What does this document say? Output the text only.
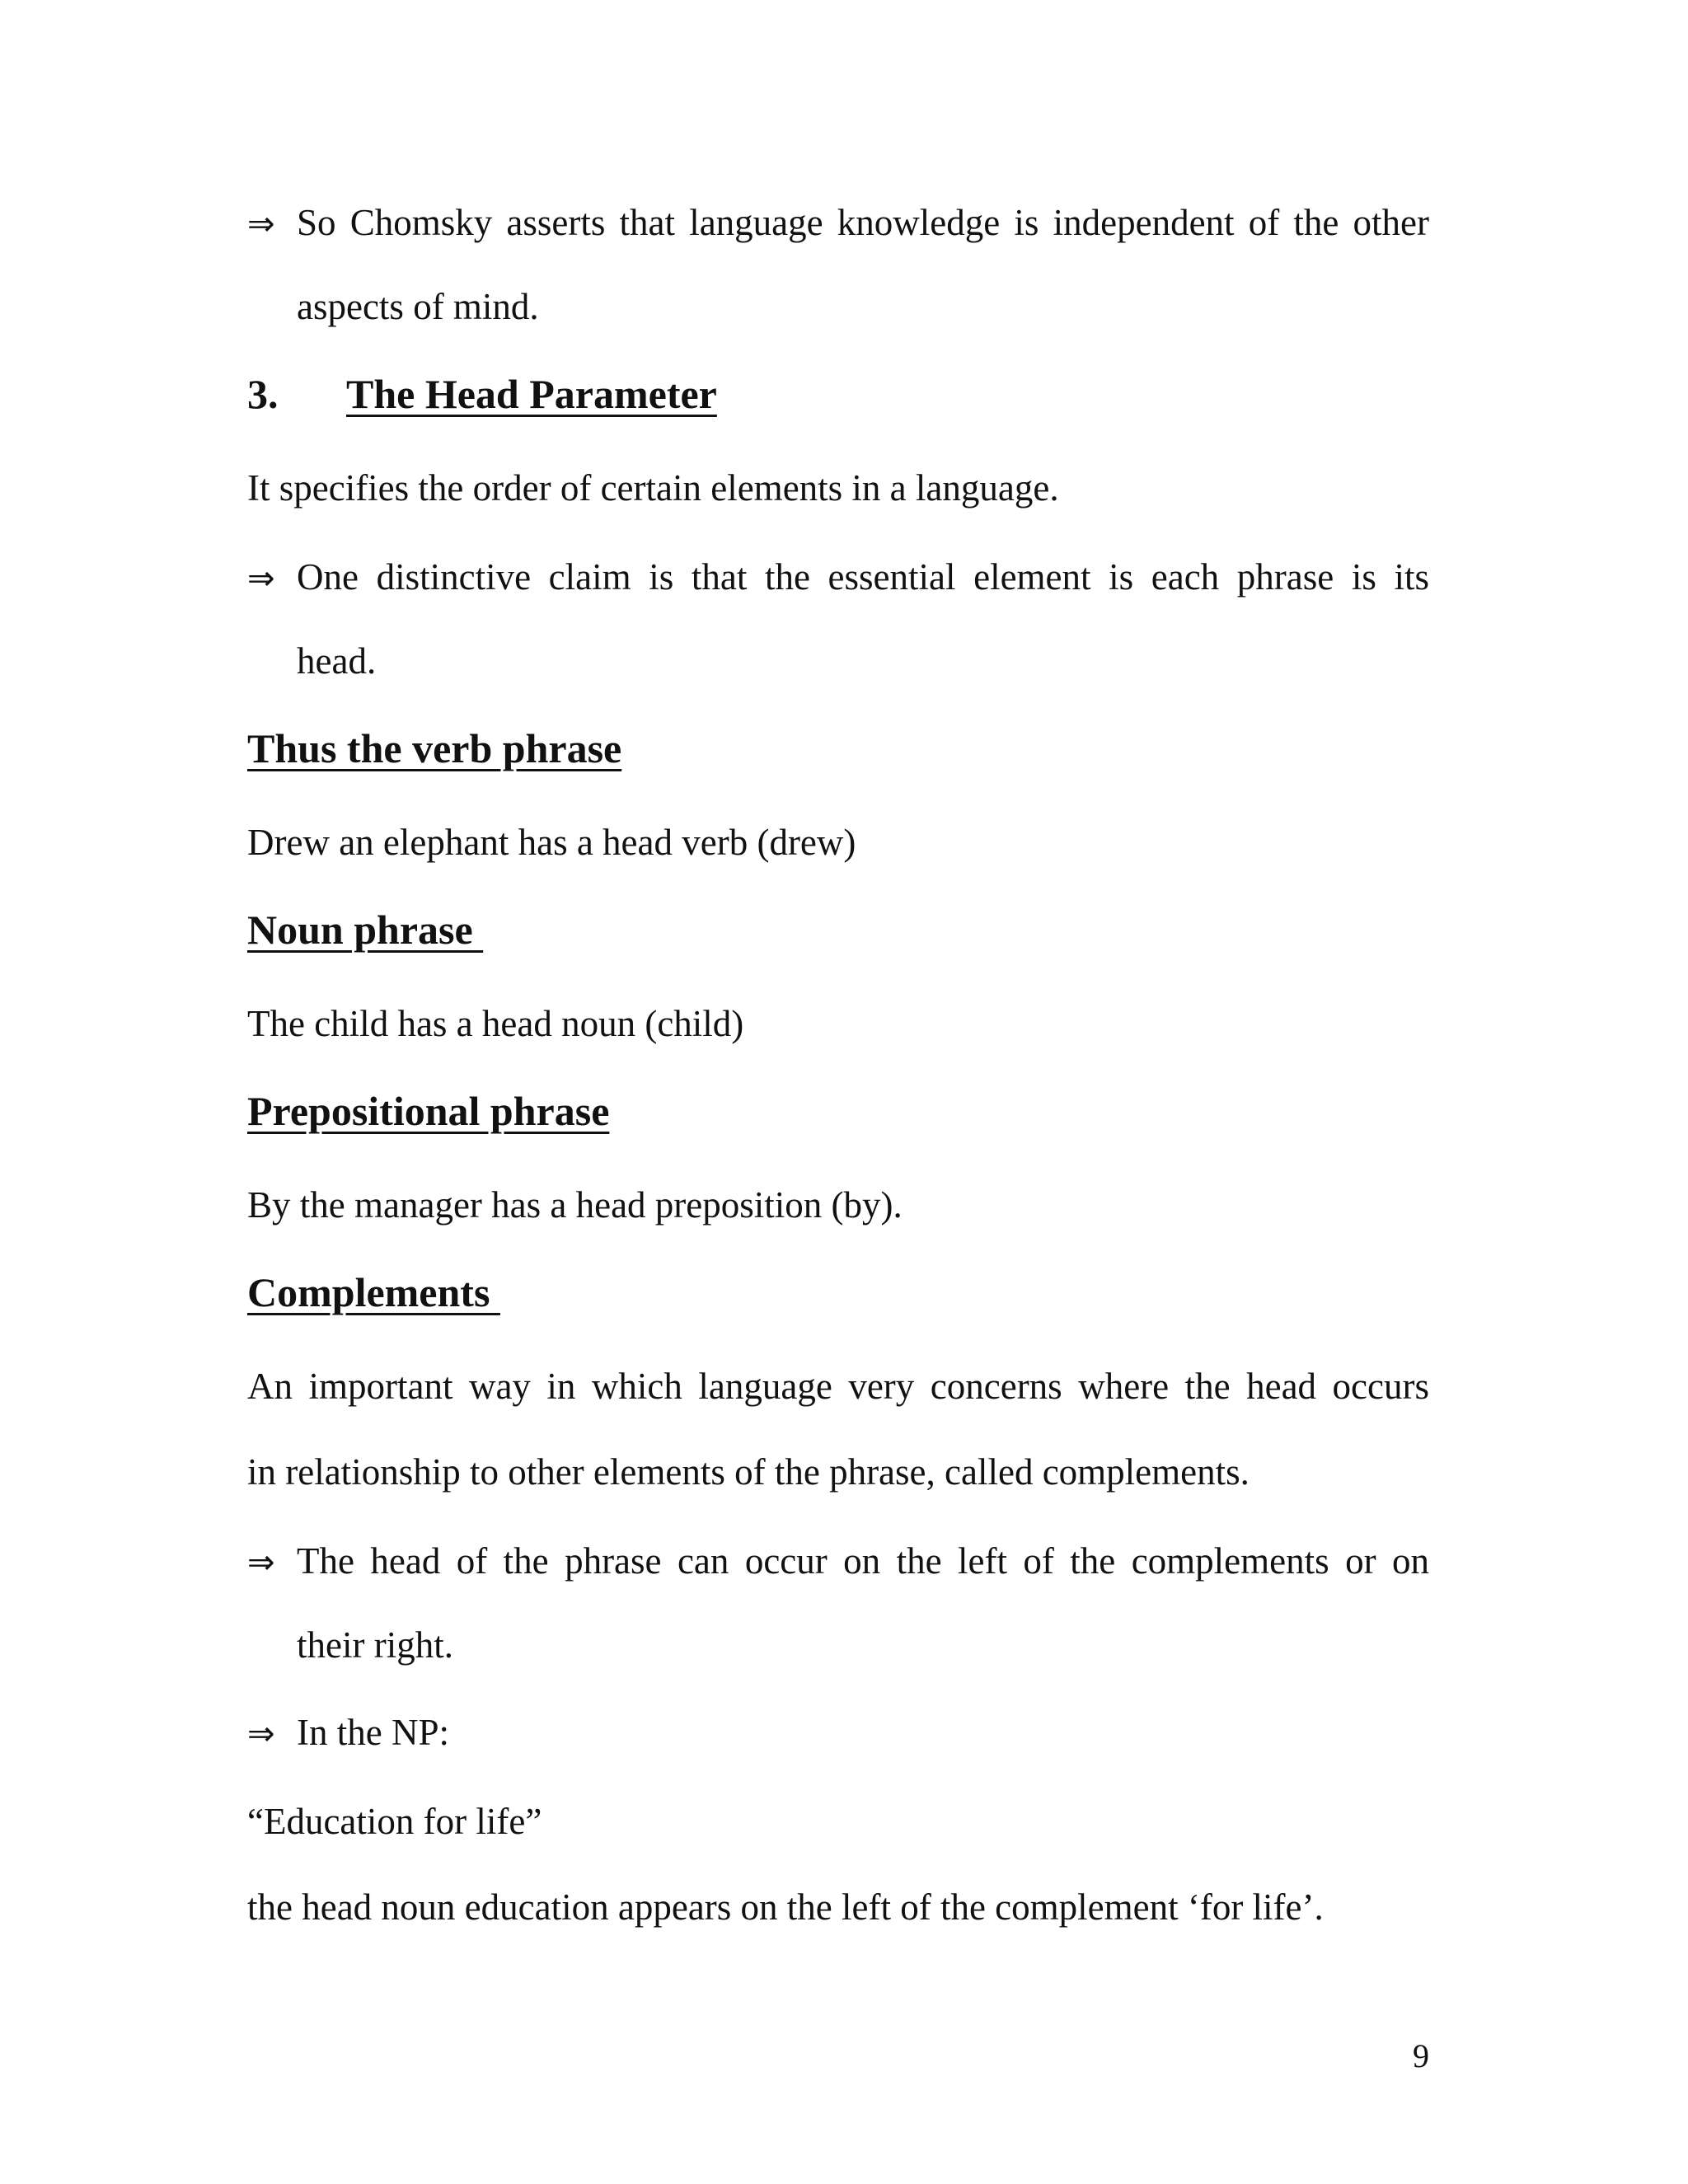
⇒ So Chomsky asserts that language knowledge is independent of the other
aspects of mind.
3. The Head Parameter
It specifies the order of certain elements in a language.
⇒ One distinctive claim is that the essential element is each phrase is its
head.
Thus the verb phrase
Drew an elephant has a head verb (drew)
Noun phrase
The child has a head noun (child)
Prepositional phrase
By the manager has a head preposition (by).
Complements
An important way in which language very concerns where the head occurs
in relationship to other elements of the phrase, called complements.
⇒ The head of the phrase can occur on the left of the complements or on
their right.
⇒ In the NP:
“Education for life”
the head noun education appears on the left of the complement ‘for life’.
9
